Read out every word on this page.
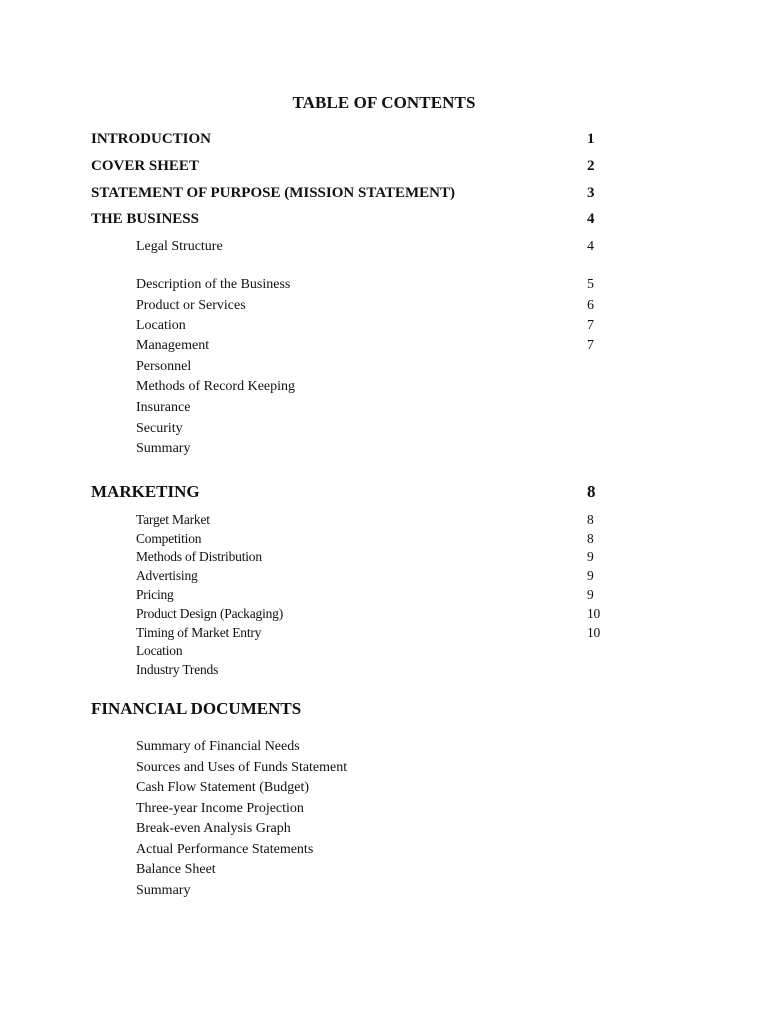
TABLE OF CONTENTS
INTRODUCTION	1
COVER SHEET	2
STATEMENT OF PURPOSE (MISSION STATEMENT)	3
THE BUSINESS	4
Legal Structure	4
Description of the Business	5
Product or Services	6
Location	7
Management	7
Personnel
Methods of Record Keeping
Insurance
Security
Summary
MARKETING	8
Target Market	8
Competition	8
Methods of Distribution	9
Advertising	9
Pricing	9
Product Design (Packaging)	10
Timing of Market Entry	10
Location
Industry Trends
FINANCIAL DOCUMENTS
Summary of Financial Needs
Sources and Uses of Funds Statement
Cash Flow Statement (Budget)
Three-year Income Projection
Break-even Analysis Graph
Actual Performance Statements
Balance Sheet
Summary
